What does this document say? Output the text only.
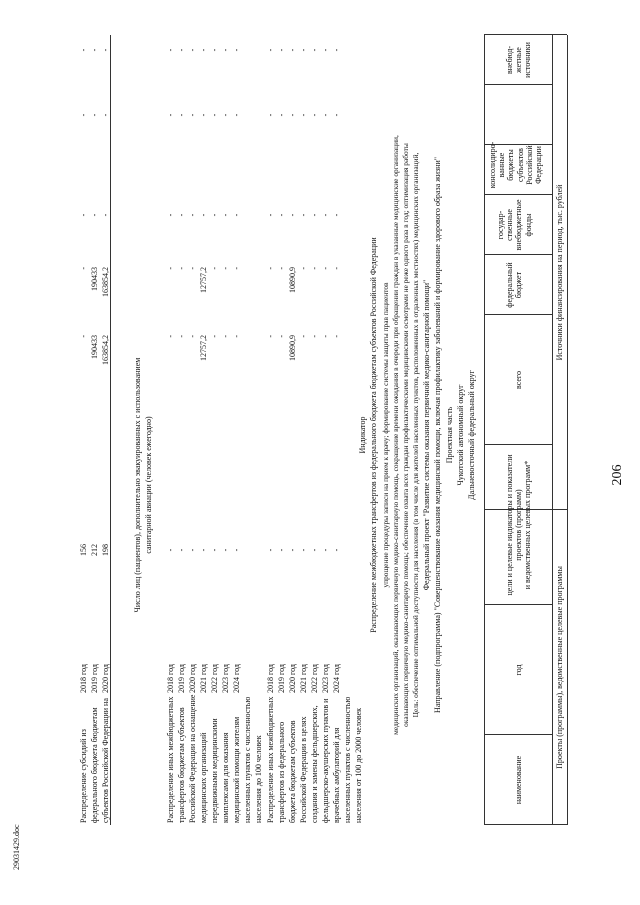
206
29031429.doc
Проекты (программы), ведомственные целевые программы
Источники финансирования на период, тыс. рублей
наименование
год
цели и целевые индикаторы и показатели проектов (программ) и ведомственных целевых программ*
всего
федеральный бюджет
государ- ственные внебюджетные фонды
консолидиро- ванные бюджеты субъектов Российской Федерации
внебюд- жетные источники
Дальневосточный федеральный округ
Чукотский автономный округ
Проектная часть
Направление (подпрограмма) "Совершенствование оказания медицинской помощи, включая профилактику заболеваний и формирование здорового образа жизни"
Федеральный проект "Развитие системы оказания первичной медико-санитарной помощи"
Цель: обеспечение оптимальной доступности для населения (в том числе для жителей населенных пунктов, расположенных в отдаленных местностях) медицинских организаций,
оказывающих первичную медико-санитарную помощь; обеспечение охвата всех граждан профилактическими медицинскими осмотрами не реже одного раза в год; оптимизация работы
медицинских организаций, оказывающих первичную медико-санитарную помощь, сокращение времени ожидания в очереди при обращении граждан в указанные медицинские организации,
упрощение процедуры записи на прием к врачу; формирование системы защиты прав пациентов
Распределение межбюджетных трансфертов из федерального бюджета бюджетам субъектов Российской Федерации
Индикатор
Распределение иных межбюджетных трансфертов из федерального бюджета бюджетам субъектов Российской Федерации в целях создания и замены фельдшерских, фельдшерско-акушерских пунктов и врачебных амбулаторий для населенных пунктов с численностью населения от 100 до 2000 человек
2018 год 2019 год 2020 год 2021 год 2022 год 2023 год 2024 год
- - - - - - -
- - 10890,9 - - - -
- - 10890,9 - - - -
- - - - - - -
- - - - - - -
- - - - - - -
Распределение иных межбюджетных трансфертов бюджетам субъектов Российской Федерации на оснащение медицинских организаций передвижными медицинскими комплексами для оказания медицинской помощи жителям населенных пунктов с численностью населения до 100 человек
2018 год 2019 год 2020 год 2021 год 2022 год 2023 год 2024 год
- - - - - - -
- - - 12757,2 - - -
- - - 12757,2 - - -
- - - - - - -
- - - - - - -
- - - - - - -
Число лиц (пациентов), дополнительно эвакуированных с использованием санитарной авиации (человек ежегодно)
Распределение субсидий из федерального бюджета бюджетам субъектов Российской Федерации на
2018 год 2019 год 2020 год
156 212 198
- 190433 163854,2
- 190433 163854,2
- - -
- - -
- - -
